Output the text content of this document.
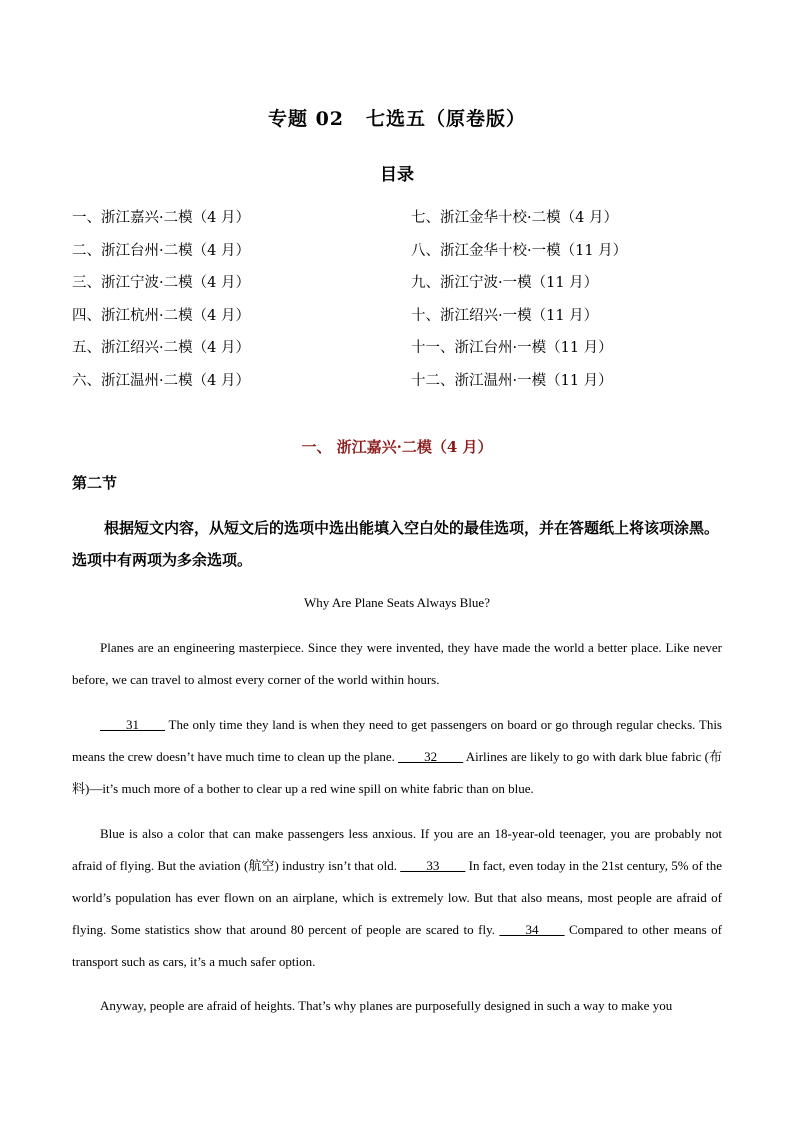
专题 02 七选五（原卷版）
目录
一、浙江嘉兴·二模（4 月）
二、浙江台州·二模（4 月）
三、浙江宁波·二模（4 月）
四、浙江杭州·二模（4 月）
五、浙江绍兴·二模（4 月）
六、浙江温州·二模（4 月）
七、浙江金华十校·二模（4 月）
八、浙江金华十校·一模（11 月）
九、浙江宁波·一模（11 月）
十、浙江绍兴·一模（11 月）
十一、浙江台州·一模（11 月）
十二、浙江温州·一模（11 月）
一、 浙江嘉兴·二模（4 月）
第二节
根据短文内容，从短文后的选项中选出能填入空白处的最佳选项，并在答题纸上将该项涂黑。选项中有两项为多余选项。
Why Are Plane Seats Always Blue?
Planes are an engineering masterpiece. Since they were invented, they have made the world a better place. Like never before, we can travel to almost every corner of the world within hours.
____31____ The only time they land is when they need to get passengers on board or go through regular checks. This means the crew doesn’t have much time to clean up the plane. ____32____ Airlines are likely to go with dark blue fabric (布料)—it’s much more of a bother to clear up a red wine spill on white fabric than on blue.
Blue is also a color that can make passengers less anxious. If you are an 18-year-old teenager, you are probably not afraid of flying. But the aviation (航空) industry isn’t that old. ____33____ In fact, even today in the 21st century, 5% of the world’s population has ever flown on an airplane, which is extremely low. But that also means, most people are afraid of flying. Some statistics show that around 80 percent of people are scared to fly. ____34____ Compared to other means of transport such as cars, it’s a much safer option.
Anyway, people are afraid of heights. That’s why planes are purposefully designed in such a way to make you
